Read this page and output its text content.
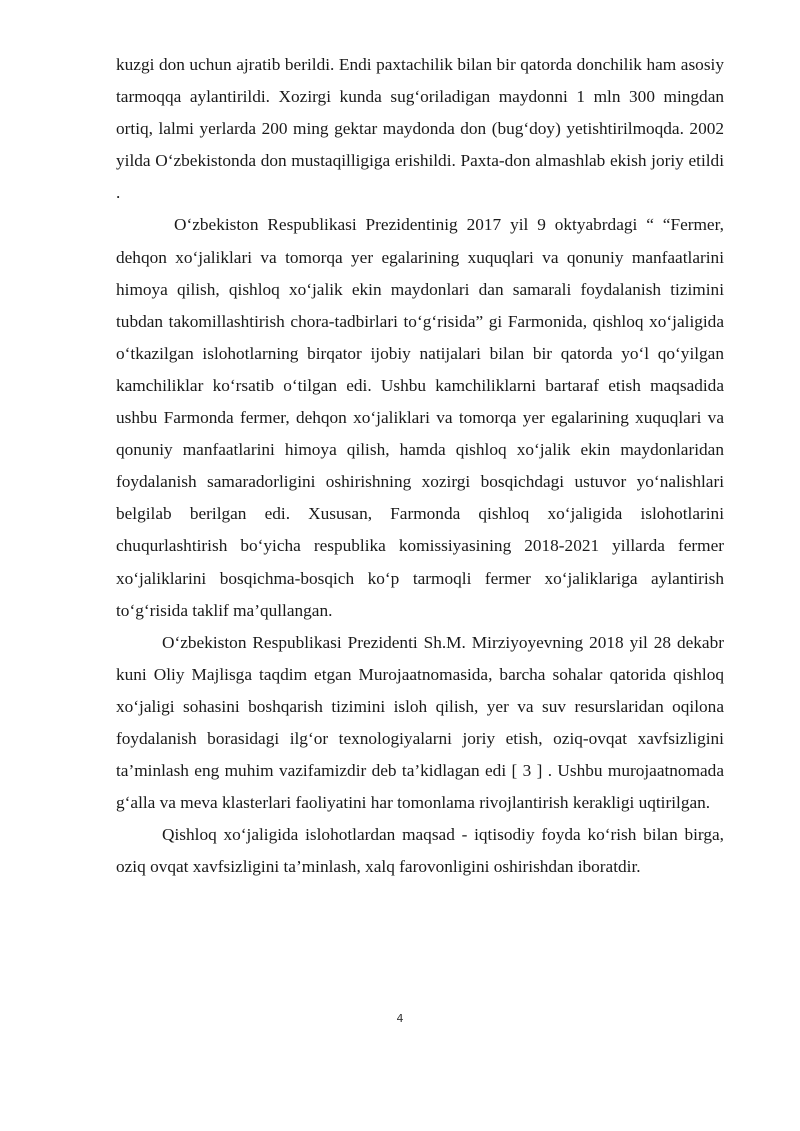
kuzgi don uchun ajratib berildi. Endi paxtachilik bilan bir qatorda donchilik ham asosiy tarmoqqa aylantirildi. Xozirgi kunda sug‘oriladigan maydonni 1 mln 300 mingdan ortiq, lalmi yerlarda 200 ming gektar maydonda don (bug‘doy) yetishtirilmoqda. 2002 yilda O‘zbekistonda don mustaqilligiga erishildi. Paxta-don almashlab ekish joriy etildi .

O‘zbekiston Respublikasi Prezidentinig 2017 yil 9 oktyabrdagi “ “Fermer, dehqon xo‘jaliklari va tomorqa yer egalarining xuquqlari va qonuniy manfaatlarini himoya qilish, qishloq xo‘jalik ekin maydonlari dan samarali foydalanish tizimini tubdan takomillashtirish chora-tadbirlari to‘g‘risida” gi Farmonida, qishloq xo‘jaligida o‘tkazilgan islohotlarning birqator ijobiy natijalari bilan bir qatorda yo‘l qo‘yilgan kamchiliklar ko‘rsatib o‘tilgan edi. Ushbu kamchiliklarni bartaraf etish maqsadida ushbu Farmonda fermer, dehqon xo‘jaliklari va tomorqa yer egalarining xuquqlari va qonuniy manfaatlarini himoya qilish, hamda qishloq xo‘jalik ekin maydonlaridan foydalanish samaradorligini oshirishning xozirgi bosqichdagi ustuvor yo‘nalishlari belgilab berilgan edi. Xususan, Farmonda qishloq xo‘jaligida islohotlarini chuqurlashtirish bo‘yicha respublika komissiyasining 2018-2021 yillarda fermer xo‘jaliklarini bosqichma-bosqich ko‘p tarmoqli fermer xo‘jaliklariga aylantirish to‘g‘risida taklif ma’qullangan.

O‘zbekiston Respublikasi Prezidenti Sh.M. Mirziyoyevning 2018 yil 28 dekabr kuni Oliy Majlisga taqdim etgan Murojaatnomasida, barcha sohalar qatorida qishloq xo‘jaligi sohasini boshqarish tizimini isloh qilish, yer va suv resurslaridan oqilona foydalanish borasidagi ilg‘or texnologiyalarni joriy etish, oziq-ovqat xavfsizligini ta’minlash eng muhim vazifamizdir deb ta’kidlagan edi [ 3 ] . Ushbu murojaatnomada g‘alla va meva klasterlari faoliyatini har tomonlama rivojlantirish kerakligi uqtirilgan.

Qishloq xo‘jaligida islohotlardan maqsad - iqtisodiy foyda ko‘rish bilan birga, oziq ovqat xavfsizligini ta’minlash, xalq farovonligini oshirishdan iboratdir.

4
